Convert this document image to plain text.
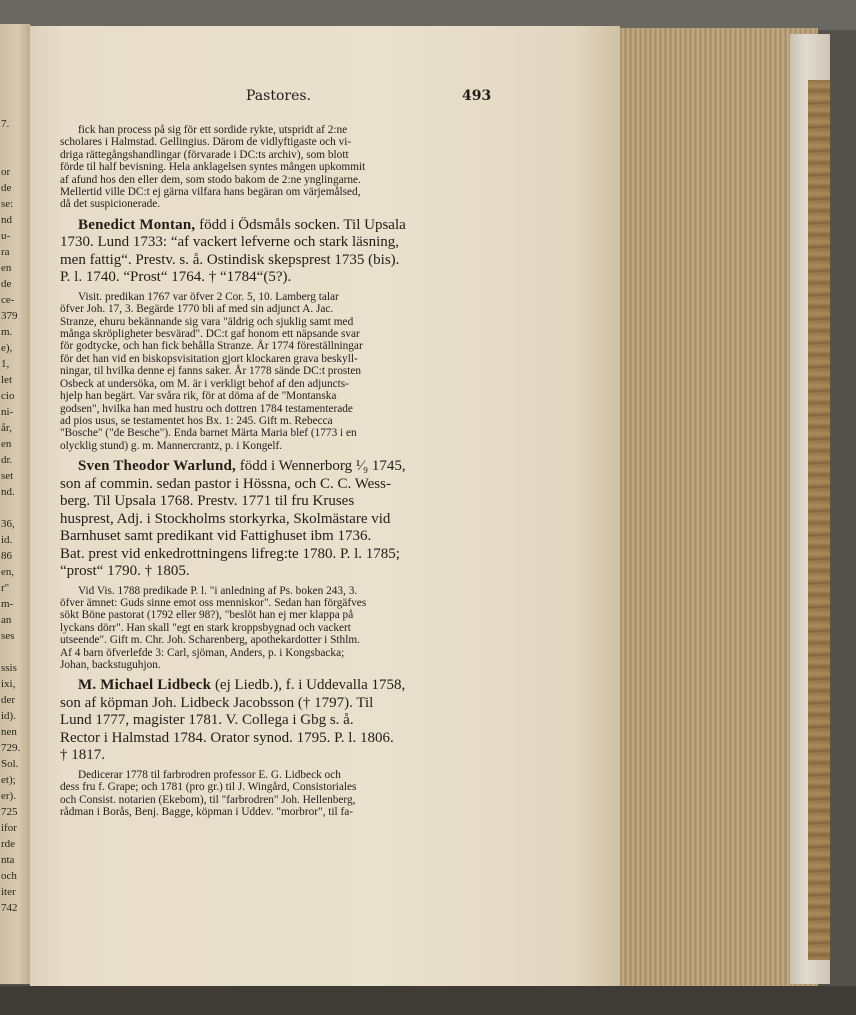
7.

or
de
se:
nd
u-
ra
en
de
ce-
379
m.
e),
1,
let
cio
ni-
år,
en
dr.
set
nd.

36,
id.
86
en,
r"
m-
an
ses

ssis
ixi,
der
id).
nen
729.
Sol.
et);
er).
725
ifor
rde
nta
och
iter
742
Pastores.	493
fick han process på sig för ett sordide rykte, utspridt af 2:ne
scholares i Halmstad. Gellingius. Därom de vidlyftigaste och vi-
driga rättegångshandlingar (förvarade i DC:ts archiv), som blott
förde til half bevisning. Hela anklagelsen syntes mången upkommit
af afund hos den eller dem, som stodo bakom de 2:ne ynglingarne.
Mellertid ville DC:t ej gärna vilfara hans begäran om värjemålsed,
då det suspicionerade.
Benedict Montan, född i Ödsmåls socken. Til Upsala
1730. Lund 1733: “af vackert lefverne och stark läsning,
men fattig“. Prestv. s. å. Ostindisk skepsprest 1735 (bis).
P. l. 1740. “Prost“ 1764. † “1784“(5?).
Visit. predikan 1767 var öfver 2 Cor. 5, 10. Lamberg talar
öfver Joh. 17, 3. Begärde 1770 bli af med sin adjunct A. Jac.
Stranze, ehuru bekännande sig vara "äldrig och sjuklig samt med
många skröpligheter besvärad". DC:t gaf honom ett näpsande svar
för godtycke, och han fick behålla Stranze. År 1774 föreställningar
för det han vid en biskopsvisitation gjort klockaren grava beskyll-
ningar, til hvilka denne ej fanns saker. År 1778 sände DC:t prosten
Osbeck at undersöka, om M. är i verkligt behof af den adjuncts-
hjelp han begärt. Var svåra rik, för at döma af de "Montanska
godsen", hvilka han med hustru och dottren 1784 testamenterade
ad pios usus, se testamentet hos Bx. 1: 245. Gift m. Rebecca
"Bosche" ("de Besche"). Enda barnet Märta Maria blef (1773 i en
olycklig stund) g. m. Mannercrantz, p. i Kongelf.
Sven Theodor Warlund, född i Wennerborg ¹⁄₉ 1745,
son af commin. sedan pastor i Hössna, och C. C. Wess-
berg. Til Upsala 1768. Prestv. 1771 til fru Kruses
husprest, Adj. i Stockholms storkyrka, Skolmästare vid
Barnhuset samt predikant vid Fattighuset ibm 1736.
Bat. prest vid enkedrottningens lifreg:te 1780. P. l. 1785;
“prost“ 1790. † 1805.
Vid Vis. 1788 predikade P. l. "i anledning af Ps. boken 243, 3.
öfver ämnet: Guds sinne emot oss menniskor". Sedan han förgäfves
sökt Böne pastorat (1792 eller 98?), "beslöt han ej mer klappa på
lyckans dörr". Han skall "egt en stark kroppsbygnad och vackert
utseende". Gift m. Chr. Joh. Scharenberg, apothekardotter i Sthlm.
Af 4 barn öfverlefde 3: Carl, sjöman, Anders, p. i Kongsbacka;
Johan, backstuguhjon.
M. Michael Lidbeck (ej Liedb.), f. i Uddevalla 1758,
son af köpman Joh. Lidbeck Jacobsson († 1797). Til
Lund 1777, magister 1781. V. Collega i Gbg s. å.
Rector i Halmstad 1784. Orator synod. 1795. P. l. 1806.
† 1817.
Dedicerar 1778 til farbrodren professor E. G. Lidbeck och
dess fru f. Grape; och 1781 (pro gr.) til J. Wingård, Consistoriales
och Consist. notarien (Ekebom), til "farbrodren" Joh. Hellenberg,
rådman i Borås, Benj. Bagge, köpman i Uddev. "morbror", til fa-
